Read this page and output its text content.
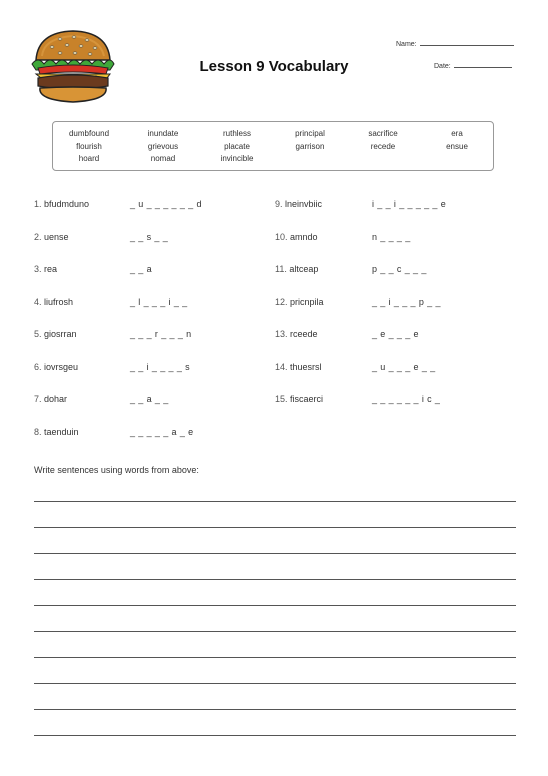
Lesson 9 Vocabulary
Name:
Date:
dumbfound	inundate	ruthless	principal	sacrifice	era
flourish	grievous	placate	garrison	recede	ensue
hoard	nomad	invincible
1. bfudmduno	_ u _ _ _ _ _ _ d
2. uense	_ _ s _ _
3. rea	_ _ a
4. liufrosh	_ l _ _ _ i _ _
5. giosrran	_ _ _ r _ _ _ n
6. iovrsgeu	_ _ i _ _ _ _ s
7. dohar	_ _ a _ _
8. taenduin	_ _ _ _ _ a _ e
9. lneinvbiic	i _ _ i _ _ _ _ _ e
10. amndo	n _ _ _ _
11. altceap	p _ _ c _ _ _
12. pricnpila	_ _ i _ _ _ p _ _
13. rceede	_ e _ _ _ e
14. thuesrsl	_ u _ _ _ e _ _
15. fiscaerci	_ _ _ _ _ _ i c _
Write sentences using words from above:
